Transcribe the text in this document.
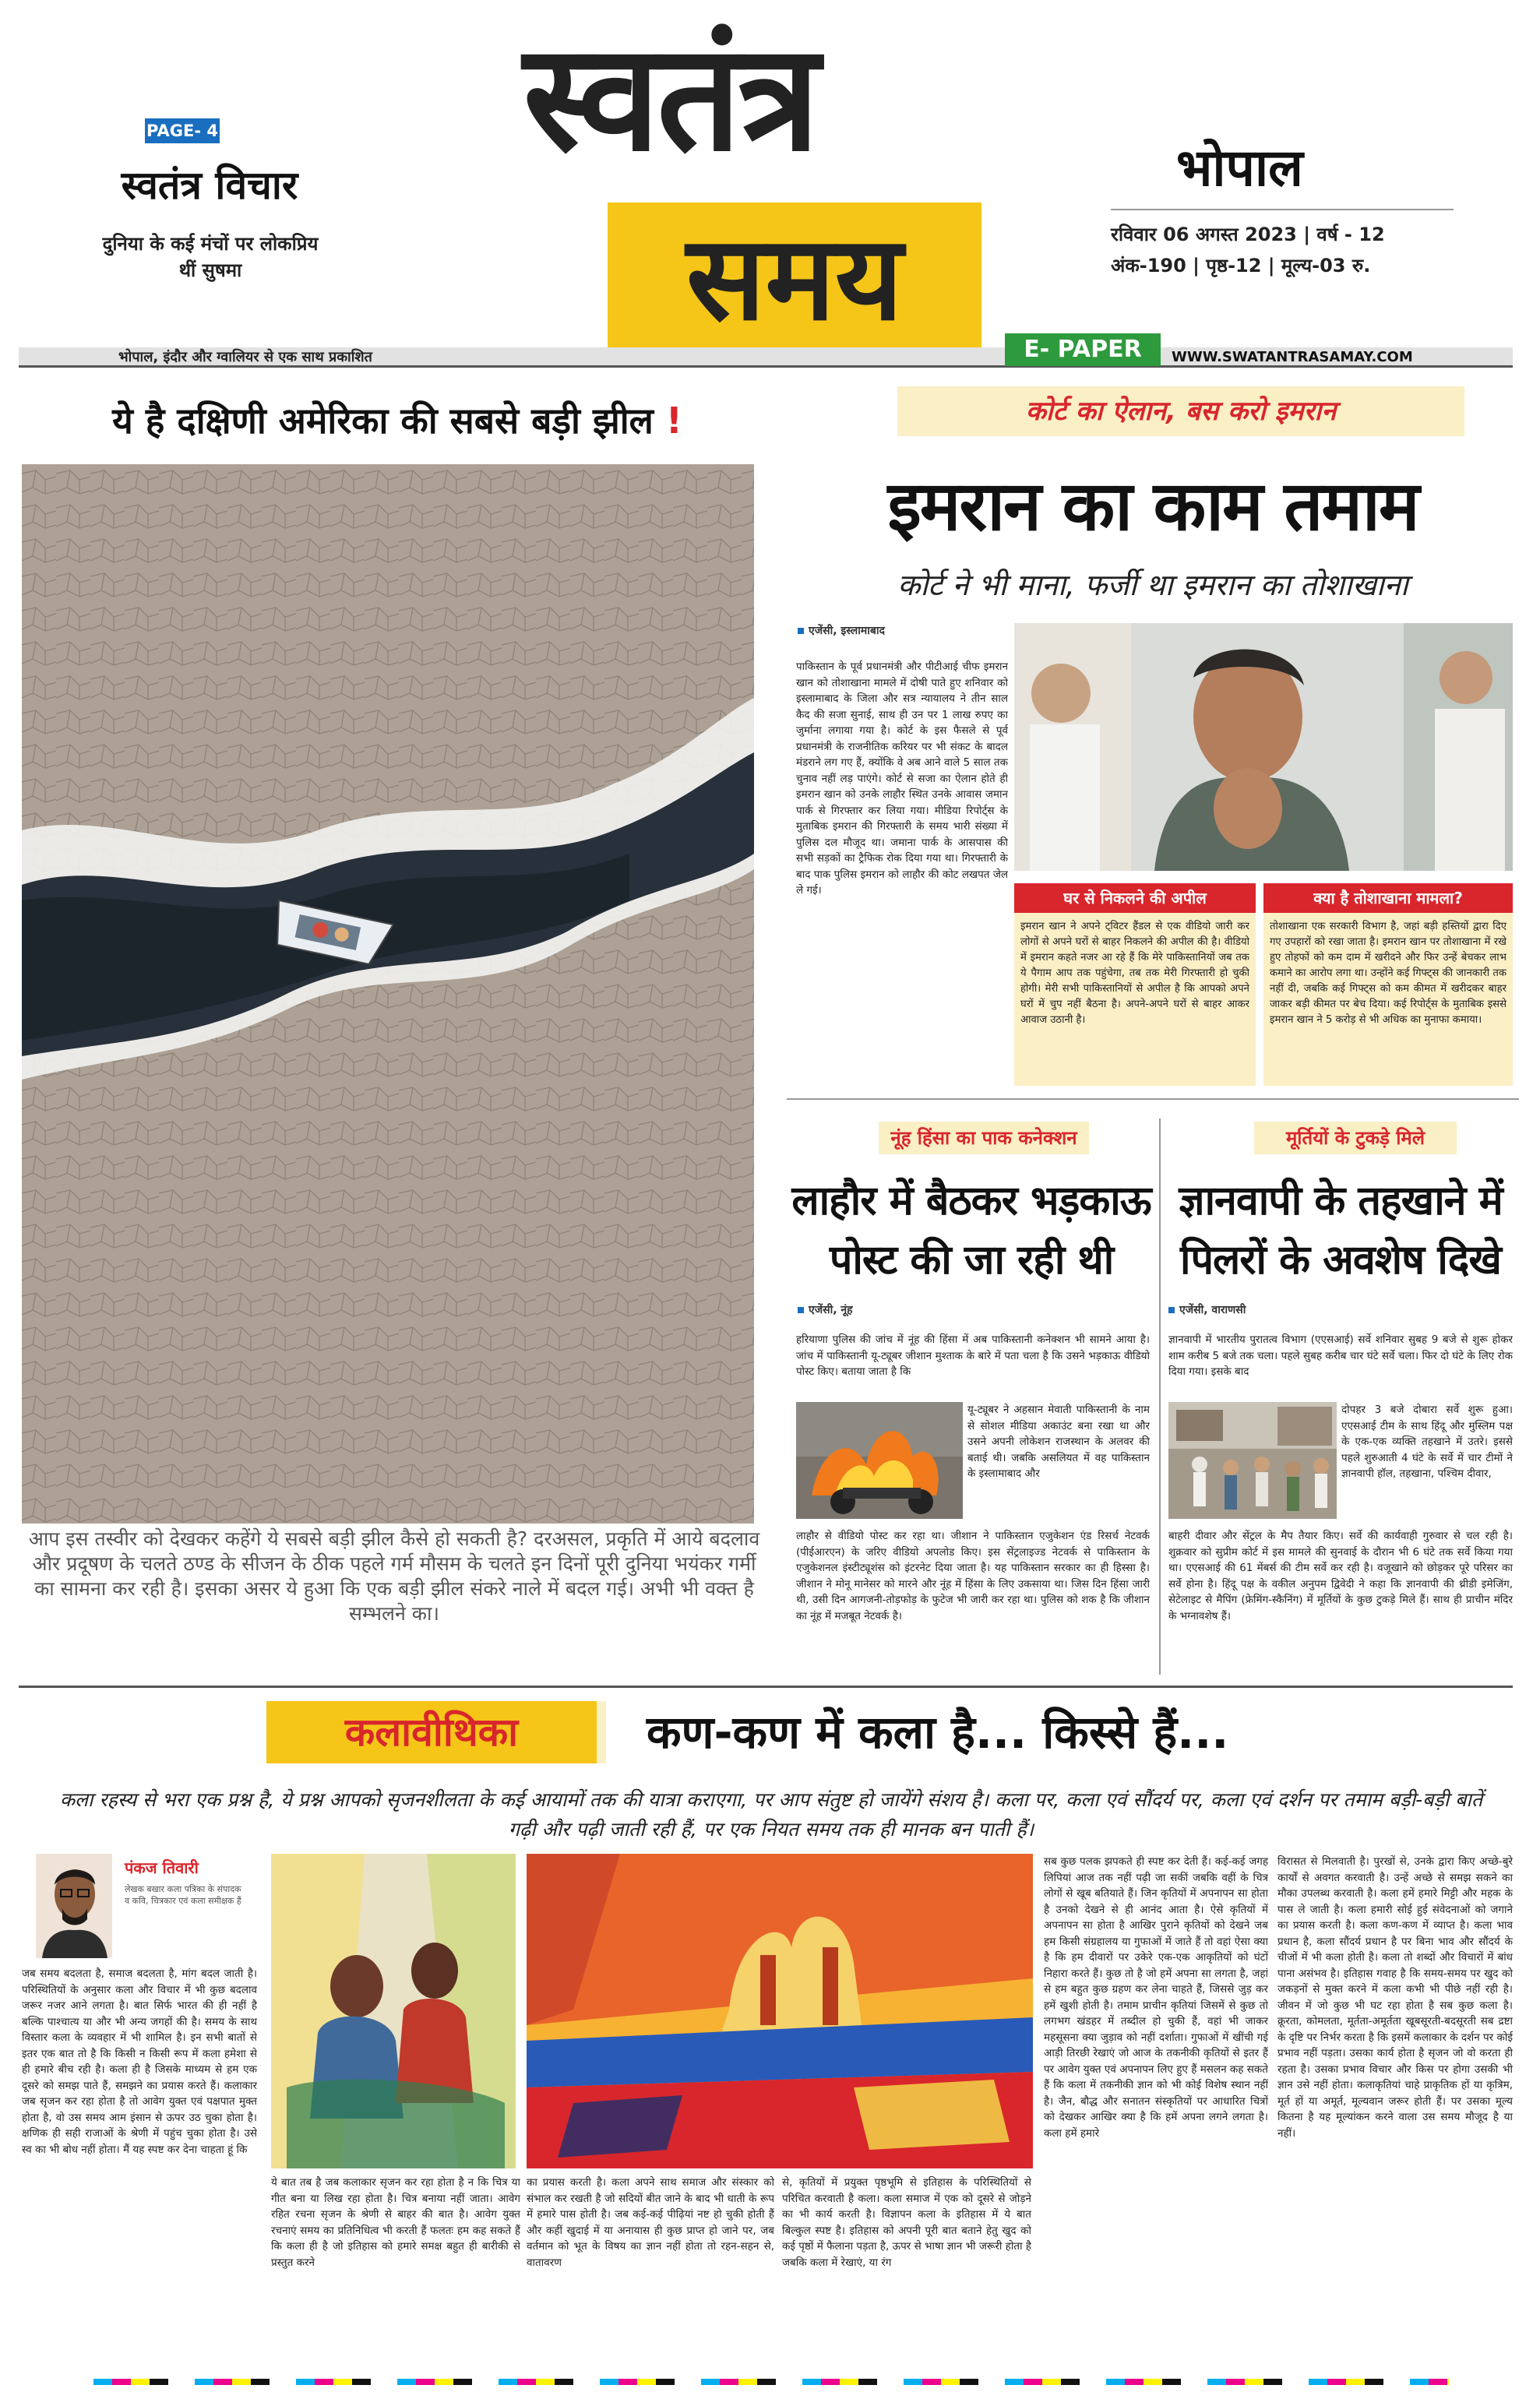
PAGE- 4
स्वतंत्र विचार
दुनिया के कई मंचों पर लोकप्रिय थीं सुषमा
स्वतंत्र
समय
भोपाल
रविवार 06 अगस्त 2023 | वर्ष - 12
अंक-190 | पृष्ठ-12 | मूल्य-03 रु.
भोपाल, इंदौर और ग्वालियर से एक साथ प्रकाशित	E- PAPER	WWW.SWATANTRASAMAY.COM
ये है दक्षिणी अमेरिका की सबसे बड़ी झील !
आप इस तस्वीर को देखकर कहेंगे ये सबसे बड़ी झील कैसे हो सकती है? दरअसल, प्रकृति में आये बदलाव और प्रदूषण के चलते ठण्ड के सीजन के ठीक पहले गर्म मौसम के चलते इन दिनों पूरी दुनिया भयंकर गर्मी का सामना कर रही है। इसका असर ये हुआ कि एक बड़ी झील संकरे नाले में बदल गई। अभी भी वक्त है सम्भलने का।
कोर्ट का ऐलान, बस करो इमरान
इमरान का काम तमाम
कोर्ट ने भी माना, फर्जी था इमरान का तोशाखाना
एजेंसी, इस्लामाबाद
पाकिस्तान के पूर्व प्रधानमंत्री और पीटीआई चीफ इमरान खान को तोशाखाना मामले में दोषी पाते हुए शनिवार को इस्लामाबाद के जिला और सत्र न्यायालय ने तीन साल कैद की सजा सुनाई, साथ ही उन पर 1 लाख रुपए का जुर्माना लगाया गया है। कोर्ट के इस फैसले से पूर्व प्रधानमंत्री के राजनीतिक करियर पर भी संकट के बादल मंडराने लग गए हैं, क्योंकि वे अब आने वाले 5 साल तक चुनाव नहीं लड़ पाएंगे। कोर्ट से सजा का ऐलान होते ही इमरान खान को उनके लाहौर स्थित उनके आवास जमान पार्क से गिरफ्तार कर लिया गया। मीडिया रिपोर्ट्स के मुताबिक इमरान की गिरफ्तारी के समय भारी संख्या में पुलिस दल मौजूद था। जमाना पार्क के आसपास की सभी सड़कों का ट्रैफिक रोक दिया गया था। गिरफ्तारी के बाद पाक पुलिस इमरान को लाहौर की कोट लखपत जेल ले गई।	घर से निकलने की अपील
इमरान खान ने अपने ट्विटर हैंडल से एक वीडियो जारी कर लोगों से अपने घरों से बाहर निकलने की अपील की है। वीडियो में इमरान कहते नजर आ रहे हैं कि मेरे पाकिस्तानियों जब तक ये पैगाम आप तक पहुंचेगा, तब तक मेरी गिरफ्तारी हो चुकी होगी। मेरी सभी पाकिस्तानियों से अपील है कि आपको अपने घरों में चुप नहीं बैठना है। अपने-अपने घरों से बाहर आकर आवाज उठानी है।
क्या है तोशाखाना मामला?
तोशाखाना एक सरकारी विभाग है, जहां बड़ी हस्तियों द्वारा दिए गए उपहारों को रखा जाता है। इमरान खान पर तोशाखाना में रखे हुए तोहफों को कम दाम में खरीदने और फिर उन्हें बेचकर लाभ कमाने का आरोप लगा था। उन्होंने कई गिफ्ट्स की जानकारी तक नहीं दी, जबकि कई गिफ्ट्स को कम कीमत में खरीदकर बाहर जाकर बड़ी कीमत पर बेच दिया। कई रिपोर्ट्स के मुताबिक इससे इमरान खान ने 5 करोड़ से भी अधिक का मुनाफा कमाया।
नूंह हिंसा का पाक कनेक्शन
लाहौर में बैठकर भड़काऊ
पोस्ट की जा रही थी
एजेंसी, नूंह
हरियाणा पुलिस की जांच में नूंह की हिंसा में अब पाकिस्तानी कनेक्शन भी सामने आया है। जांच में पाकिस्तानी यू-ट्यूबर जीशान मुश्ताक के बारे में पता चला है कि उसने भड़काऊ वीडियो पोस्ट किए। बताया जाता है कि
यू-ट्यूबर ने अहसान मेवाती पाकिस्तानी के नाम से सोशल मीडिया अकाउंट बना रखा था और उसने अपनी लोकेशन राजस्थान के अलवर की बताई थी। जबकि असलियत में वह पाकिस्तान के इस्लामाबाद और
लाहौर से वीडियो पोस्ट कर रहा था। जीशान ने पाकिस्तान एजुकेशन एंड रिसर्च नेटवर्क (पीईआरएन) के जरिए वीडियो अपलोड किए। इस सेंट्रलाइज्ड नेटवर्क से पाकिस्तान के एजुकेशनल इंस्टीट्यूशंस को इंटरनेट दिया जाता है। यह पाकिस्तान सरकार का ही हिस्सा है। जीशान ने मोनू मानेसर को मारने और नूंह में हिंसा के लिए उकसाया था। जिस दिन हिंसा जारी थी, उसी दिन आगजनी-तोड़फोड़ के फुटेज भी जारी कर रहा था। पुलिस को शक है कि जीशान का नूंह में मजबूत नेटवर्क है।
मूर्तियों के टुकड़े मिले
ज्ञानवापी के तहखाने में
पिलरों के अवशेष दिखे
एजेंसी, वाराणसी
ज्ञानवापी में भारतीय पुरातत्व विभाग (एएसआई) सर्वे शनिवार सुबह 9 बजे से शुरू होकर शाम करीब 5 बजे तक चला। पहले सुबह करीब चार घंटे सर्वे चला। फिर दो घंटे के लिए रोक दिया गया। इसके बाद
दोपहर 3 बजे दोबारा सर्वे शुरू हुआ। एएसआई टीम के साथ हिंदू और मुस्लिम पक्ष के एक-एक व्यक्ति तहखाने में उतरे। इससे पहले शुरुआती 4 घंटे के सर्वे में चार टीमों ने ज्ञानवापी हॉल, तहखाना, पश्चिम दीवार,
बाहरी दीवार और सेंट्रल के मैप तैयार किए। सर्वे की कार्यवाही गुरुवार से चल रही है। शुक्रवार को सुप्रीम कोर्ट में इस मामले की सुनवाई के दौरान भी 6 घंटे तक सर्वे किया गया था। एएसआई की 61 मेंबर्स की टीम सर्वे कर रही है। वजूखाने को छोड़कर पूरे परिसर का सर्वे होना है। हिंदू पक्ष के वकील अनुपम द्विवेदी ने कहा कि ज्ञानवापी की थ्रीडी इमेजिंग, सेटेलाइट से मैपिंग (फ्रेमिंग-स्कैनिंग) में मूर्तियों के कुछ टुकड़े मिले हैं। साथ ही प्राचीन मंदिर के भग्नावशेष हैं।
कलावीथिका	कण-कण में कला है... किस्से हैं...
कला रहस्य से भरा एक प्रश्न है, ये प्रश्न आपको सृजनशीलता के कई आयामों तक की यात्रा कराएगा, पर आप संतुष्ट हो जायेंगे संशय है। कला पर, कला एवं सौंदर्य पर, कला एवं दर्शन पर तमाम बड़ी-बड़ी बातें गढ़ी और पढ़ी जाती रही हैं, पर एक नियत समय तक ही मानक बन पाती हैं।
पंकज तिवारी
लेखक बखार कला पत्रिका के संपादक व कवि, चित्रकार एवं कला समीक्षक हैं
जब समय बदलता है, समाज बदलता है, मांग बदल जाती है। परिस्थितियों के अनुसार कला और विचार में भी कुछ बदलाव जरूर नजर आने लगता है। बात सिर्फ भारत की ही नहीं है बल्कि पाश्चात्य या और भी अन्य जगहों की है। समय के साथ विस्तार कला के व्यवहार में भी शामिल है। इन सभी बातों से इतर एक बात तो है कि किसी न किसी रूप में कला हमेशा से ही हमारे बीच रही है। कला ही है जिसके माध्यम से हम एक दूसरे को समझ पाते हैं, समझने का प्रयास करते हैं। कलाकार जब सृजन कर रहा होता है तो आवेग युक्त एवं पक्षपात मुक्त होता है, वो उस समय आम इंसान से ऊपर उठ चुका होता है। क्षणिक ही सही राजाओं के श्रेणी में पहुंच चुका होता है। उसे स्व का भी बोध नहीं होता। मैं यह स्पष्ट कर देना चाहता हूं कि
ये बात तब है जब कलाकार सृजन कर रहा होता है न कि चित्र या गीत बना या लिख रहा होता है। चित्र बनाया नहीं जाता। आवेग रहित रचना सृजन के श्रेणी से बाहर की बात है। आवेग युक्त रचनाएं समय का प्रतिनिधित्व भी करती हैं फलतः हम कह सकते हैं कि कला ही है जो इतिहास को हमारे समक्ष बहुत ही बारीकी से प्रस्तुत करने
का प्रयास करती है। कला अपने साथ समाज और संस्कार को संभाल कर रखती है जो सदियों बीत जाने के बाद भी धाती के रूप में हमारे पास होती है। जब कई-कई पीढ़ियां नष्ट हो चुकी होती हैं और कहीं खुदाई में या अनायास ही कुछ प्राप्त हो जाने पर, जब वर्तमान को भूत के विषय का ज्ञान नहीं होता तो रहन-सहन से, वातावरण
से, कृतियों में प्रयुक्त पृष्ठभूमि से इतिहास के परिस्थितियों से परिचित करवाती है कला। कला समाज में एक को दूसरे से जोड़ने का भी कार्य करती है। विज्ञापन कला के इतिहास में ये बात बिल्कुल स्पष्ट है। इतिहास को अपनी पूरी बात बताने हेतु खुद को कई पृष्ठों में फैलाना पड़ता है, ऊपर से भाषा ज्ञान भी जरूरी होता है जबकि कला में रेखाएं, या रंग
सब कुछ पलक झपकते ही स्पष्ट कर देती हैं। कई-कई जगह लिपियां आज तक नहीं पढ़ी जा सकीं जबकि वहीं के चित्र लोगों से खूब बतियाते हैं। जिन कृतियों में अपनापन सा होता है उनको देखने से ही आनंद आता है। ऐसे कृतियों में अपनापन सा होता है आखिर पुराने कृतियों को देखने जब हम किसी संग्रहालय या गुफाओं में जाते हैं तो वहां ऐसा क्या है कि हम दीवारों पर उकेरे एक-एक आकृतियों को घंटों निहारा करते हैं। कुछ तो है जो हमें अपना सा लगता है, जहां से हम बहुत कुछ ग्रहण कर लेना चाहते हैं, जिससे जुड़ कर हमें खुशी होती है। तमाम प्राचीन कृतियां जिसमें से कुछ तो लगभग खंडहर में तब्दील हो चुकी हैं, वहां भी जाकर महसूसना क्या जुड़ाव को नहीं दर्शाता। गुफाओं में खींची गई आड़ी तिरछी रेखाएं जो आज के तकनीकी कृतियों से इतर हैं पर आवेग युक्त एवं अपनापन लिए हुए हैं मसलन कह सकते हैं कि कला में तकनीकी ज्ञान को भी कोई विशेष स्थान नहीं है। जैन, बौद्ध और सनातन संस्कृतियों पर आधारित चित्रों को देखकर आखिर क्या है कि हमें अपना लगने लगता है। कला हमें हमारे
विरासत से मिलवाती है। पुरखों से, उनके द्वारा किए अच्छे-बुरे कार्यों से अवगत करवाती है। उन्हें अच्छे से समझ सकने का मौका उपलब्ध करवाती है। कला हमें हमारे मिट्टी और महक के पास ले जाती है। कला हमारी सोई हुई संवेदनाओं को जगाने का प्रयास करती है। कला कण-कण में व्याप्त है। कला भाव प्रधान है, कला सौंदर्य प्रधान है पर बिना भाव और सौंदर्य के चीजों में भी कला होती है। कला तो शब्दों और विचारों में बांध पाना असंभव है। इतिहास गवाह है कि समय-समय पर खुद को जकड़नों से मुक्त करने में कला कभी भी पीछे नहीं रही है। जीवन में जो कुछ भी घट रहा होता है सब कुछ कला है। क्रूरता, कोमलता, मूर्तता-अमूर्तता खूबसूरती-बदसूरती सब द्रष्टा के दृष्टि पर निर्भर करता है कि इसमें कलाकार के दर्शन पर कोई प्रभाव नहीं पड़ता। उसका कार्य होता है सृजन जो वो करता ही रहता है। उसका प्रभाव विचार और किस पर होगा उसकी भी ज्ञान उसे नहीं होता। कलाकृतियां चाहे प्राकृतिक हों या कृत्रिम, मूर्त हों या अमूर्त, मूल्यवान जरूर होती हैं। पर उसका मूल्य कितना है यह मूल्यांकन करने वाला उस समय मौजूद है या नहीं।
